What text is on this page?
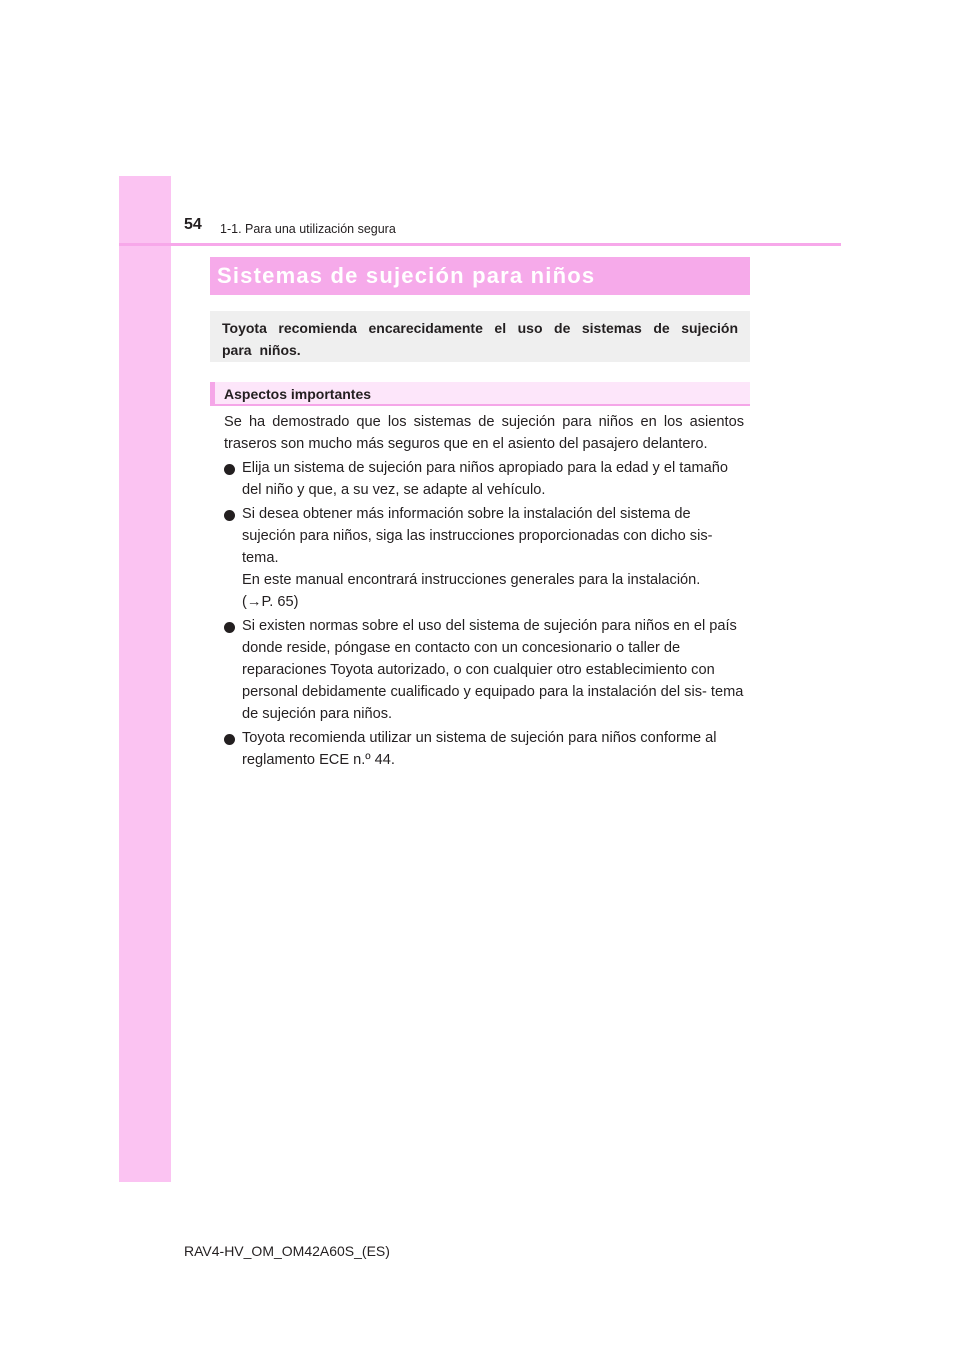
54 1-1. Para una utilización segura
Sistemas de sujeción para niños
Toyota recomienda encarecidamente el uso de sistemas de sujeción para niños.
Aspectos importantes

Se ha demostrado que los sistemas de sujeción para niños en los asientos traseros son mucho más seguros que en el asiento del pasajero delantero.

Elija un sistema de sujeción para niños apropiado para la edad y el tamaño del niño y que, a su vez, se adapte al vehículo.
Si desea obtener más información sobre la instalación del sistema de sujeción para niños, siga las instrucciones proporcionadas con dicho sis- tema.
En este manual encontrará instrucciones generales para la instalación.
(→P. 65)
Si existen normas sobre el uso del sistema de sujeción para niños en el país donde reside, póngase en contacto con un concesionario o taller de reparaciones Toyota autorizado, o con cualquier otro establecimiento con personal debidamente cualificado y equipado para la instalación del sis- tema de sujeción para niños.
Toyota recomienda utilizar un sistema de sujeción para niños conforme al reglamento ECE n.º 44.
RAV4-HV_OM_OM42A60S_(ES)
